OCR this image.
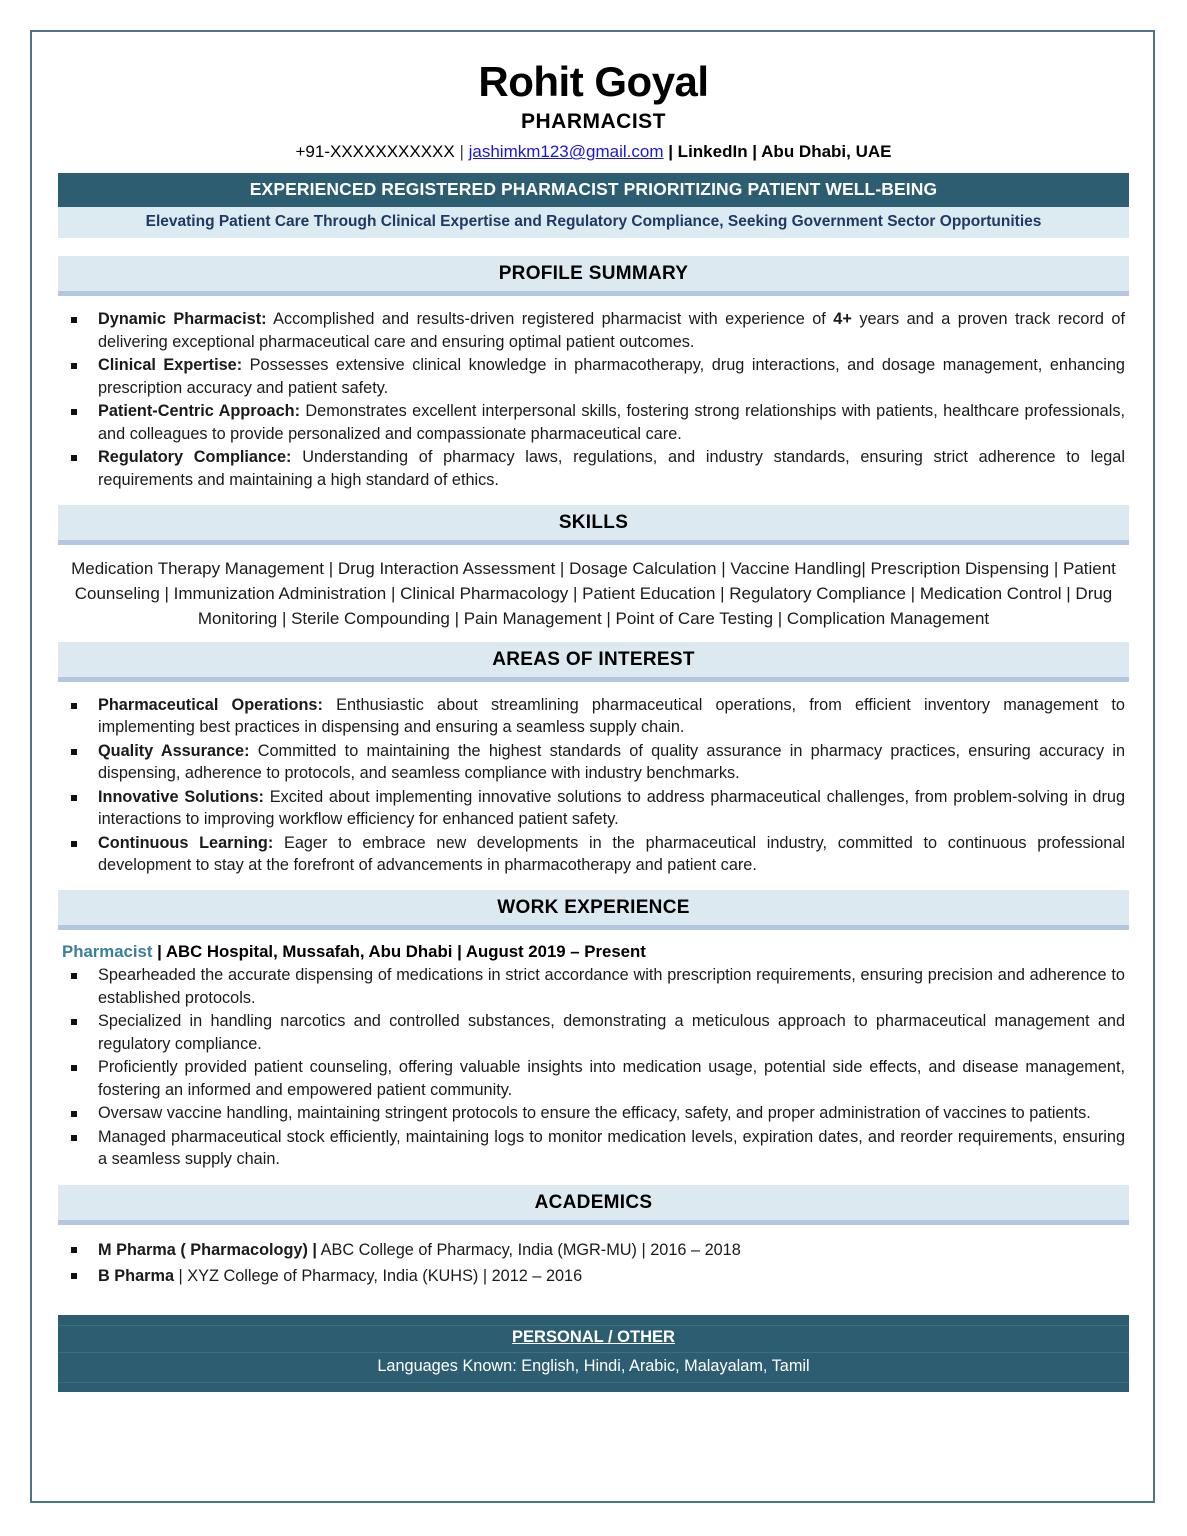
Rohit Goyal
PHARMACIST
+91-XXXXXXXXXXX | jashimkm123@gmail.com | LinkedIn | Abu Dhabi, UAE
EXPERIENCED REGISTERED PHARMACIST PRIORITIZING PATIENT WELL-BEING
Elevating Patient Care Through Clinical Expertise and Regulatory Compliance, Seeking Government Sector Opportunities
PROFILE SUMMARY
Dynamic Pharmacist: Accomplished and results-driven registered pharmacist with experience of 4+ years and a proven track record of delivering exceptional pharmaceutical care and ensuring optimal patient outcomes.
Clinical Expertise: Possesses extensive clinical knowledge in pharmacotherapy, drug interactions, and dosage management, enhancing prescription accuracy and patient safety.
Patient-Centric Approach: Demonstrates excellent interpersonal skills, fostering strong relationships with patients, healthcare professionals, and colleagues to provide personalized and compassionate pharmaceutical care.
Regulatory Compliance: Understanding of pharmacy laws, regulations, and industry standards, ensuring strict adherence to legal requirements and maintaining a high standard of ethics.
SKILLS
Medication Therapy Management | Drug Interaction Assessment | Dosage Calculation | Vaccine Handling| Prescription Dispensing | Patient Counseling | Immunization Administration | Clinical Pharmacology | Patient Education | Regulatory Compliance | Medication Control | Drug Monitoring | Sterile Compounding | Pain Management | Point of Care Testing | Complication Management
AREAS OF INTEREST
Pharmaceutical Operations: Enthusiastic about streamlining pharmaceutical operations, from efficient inventory management to implementing best practices in dispensing and ensuring a seamless supply chain.
Quality Assurance: Committed to maintaining the highest standards of quality assurance in pharmacy practices, ensuring accuracy in dispensing, adherence to protocols, and seamless compliance with industry benchmarks.
Innovative Solutions: Excited about implementing innovative solutions to address pharmaceutical challenges, from problem-solving in drug interactions to improving workflow efficiency for enhanced patient safety.
Continuous Learning: Eager to embrace new developments in the pharmaceutical industry, committed to continuous professional development to stay at the forefront of advancements in pharmacotherapy and patient care.
WORK EXPERIENCE
Pharmacist | ABC Hospital, Mussafah, Abu Dhabi | August 2019 – Present
Spearheaded the accurate dispensing of medications in strict accordance with prescription requirements, ensuring precision and adherence to established protocols.
Specialized in handling narcotics and controlled substances, demonstrating a meticulous approach to pharmaceutical management and regulatory compliance.
Proficiently provided patient counseling, offering valuable insights into medication usage, potential side effects, and disease management, fostering an informed and empowered patient community.
Oversaw vaccine handling, maintaining stringent protocols to ensure the efficacy, safety, and proper administration of vaccines to patients.
Managed pharmaceutical stock efficiently, maintaining logs to monitor medication levels, expiration dates, and reorder requirements, ensuring a seamless supply chain.
ACADEMICS
M Pharma ( Pharmacology) | ABC College of Pharmacy, India (MGR-MU) | 2016 – 2018
B Pharma | XYZ College of Pharmacy, India (KUHS) | 2012 – 2016
PERSONAL / OTHER
Languages Known: English, Hindi, Arabic, Malayalam, Tamil
